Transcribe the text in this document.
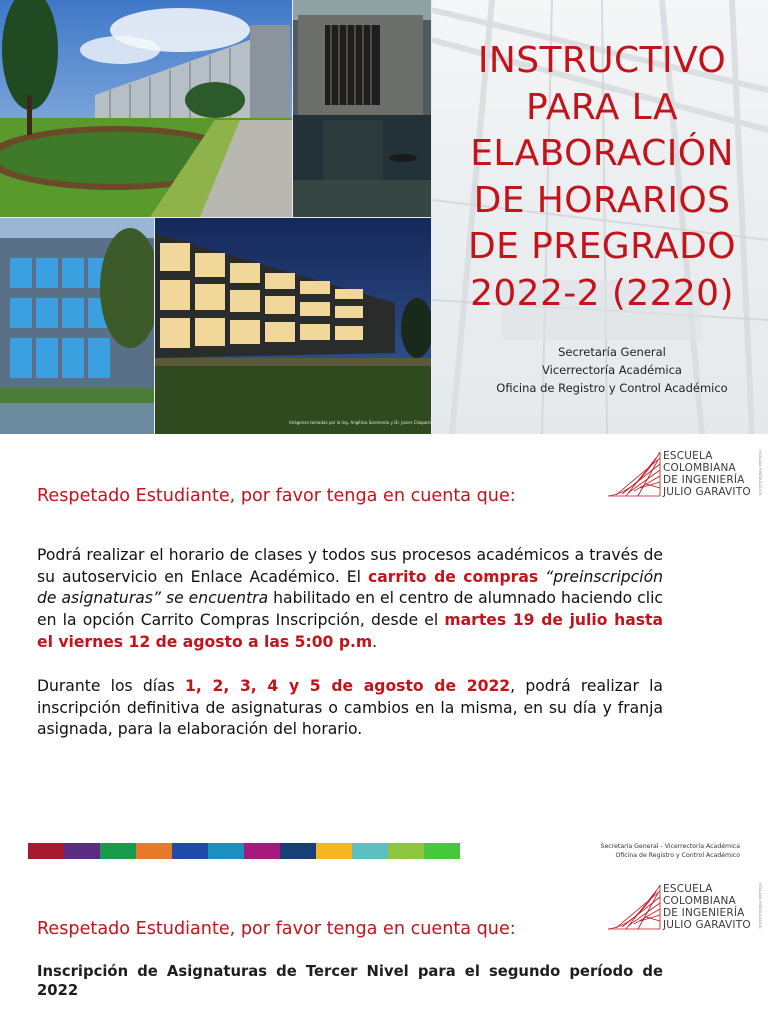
Imágenes tomadas por la Ing. Angélica Sarmiento y Dr. Javier Chaparro
INSTRUCTIVO
PARA LA
ELABORACIÓN
DE HORARIOS
DE PREGRADO
2022-2 (2220)
Secretaría General
Vicerrectoría Académica
Oficina de Registro y Control Académico
ESCUELA
COLOMBIANA
DE INGENIERÍA
JULIO GARAVITO	VIGILADA MINEDUCACIÓN
Respetado Estudiante, por favor tenga en cuenta que:
Podrá realizar el horario de clases y todos sus procesos académicos a través de su autoservicio en Enlace Académico. El carrito de compras “preinscripción de asignaturas” se encuentra habilitado en el centro de alumnado haciendo clic en la opción Carrito Compras Inscripción, desde el martes 19 de julio hasta el viernes 12 de agosto a las 5:00 p.m.
Durante los días 1, 2, 3, 4 y 5 de agosto de 2022, podrá realizar la inscripción definitiva de asignaturas o cambios en la misma, en su día y franja asignada, para la elaboración del horario.
Secretaría General - Vicerrectoría Académica
Oficina de Registro y Control Académico
ESCUELA
COLOMBIANA
DE INGENIERÍA
JULIO GARAVITO	VIGILADA MINEDUCACIÓN
Respetado Estudiante, por favor tenga en cuenta que:
Inscripción de Asignaturas de Tercer Nivel para el segundo período de 2022
